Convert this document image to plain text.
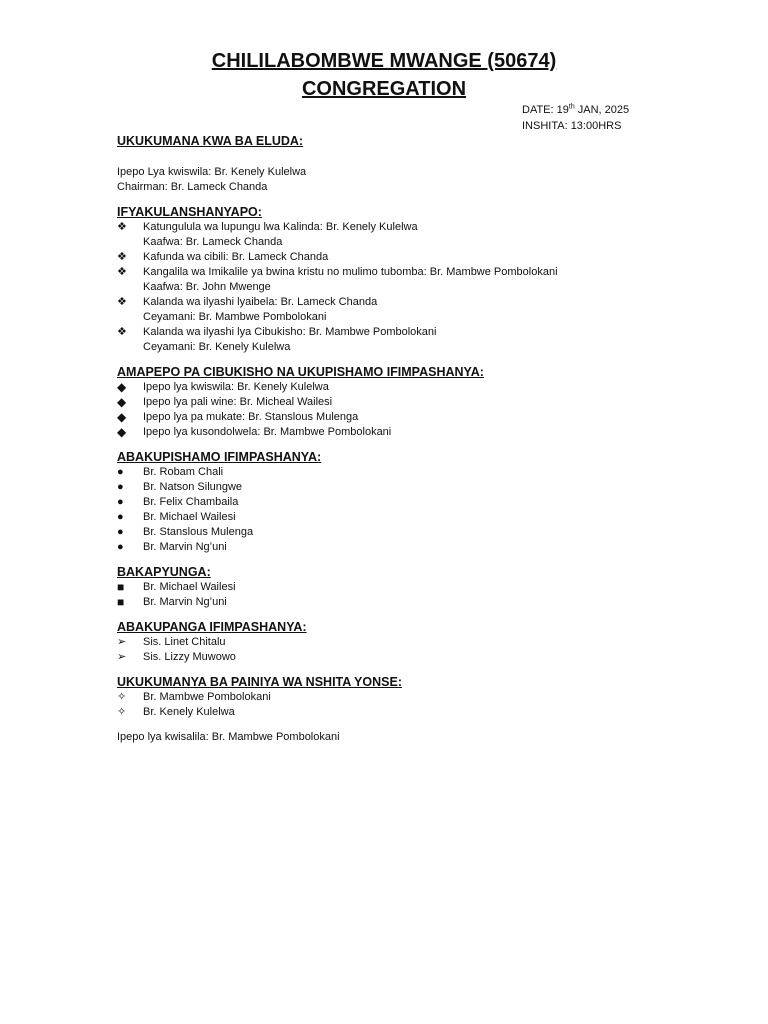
CHILILABOMBWE MWANGE (50674)
CONGREGATION
DATE: 19th JAN, 2025
INSHITA: 13:00HRS
UKUKUMANA KWA BA ELUDA:
Ipepo Lya kwiswila: Br. Kenely Kulelwa
Chairman: Br. Lameck Chanda
IFYAKULANSHANYAPO:
❖	Katungulula wa lupungu lwa Kalinda: Br. Kenely Kulelwa
Kaafwa: Br. Lameck Chanda
❖	Kafunda wa cibili: Br. Lameck Chanda
❖	Kangalila wa Imikalile ya bwina kristu no mulimo tubomba: Br. Mambwe Pombolokani
Kaafwa: Br. John Mwenge
❖	Kalanda wa ilyashi lyaibela: Br. Lameck Chanda
Ceyamani: Br. Mambwe Pombolokani
❖	Kalanda wa ilyashi lya Cibukisho: Br. Mambwe Pombolokani
Ceyamani: Br. Kenely Kulelwa
AMAPEPO PA CIBUKISHO NA UKUPISHAMO IFIMPASHANYA:
◆	Ipepo lya kwiswila: Br. Kenely Kulelwa
◆	Ipepo lya pali wine: Br. Micheal Wailesi
◆	Ipepo lya pa mukate: Br. Stanslous Mulenga
◆	Ipepo lya kusondolwela: Br. Mambwe Pombolokani
ABAKUPISHAMO IFIMPASHANYA:
●	Br. Robam Chali
●	Br. Natson Silungwe
●	Br. Felix Chambaila
●	Br. Michael Wailesi
●	Br. Stanslous Mulenga
●	Br. Marvin Ng’uni
BAKAPYUNGA:
■	Br. Michael Wailesi
■	Br. Marvin Ng’uni
ABAKUPANGA IFIMPASHANYA:
➢	Sis. Linet Chitalu
➢	Sis. Lizzy Muwowo
UKUKUMANYA BA PAINIYA WA NSHITA YONSE:
✧	Br. Mambwe Pombolokani
✧	Br. Kenely Kulelwa
Ipepo lya kwisalila: Br. Mambwe Pombolokani
